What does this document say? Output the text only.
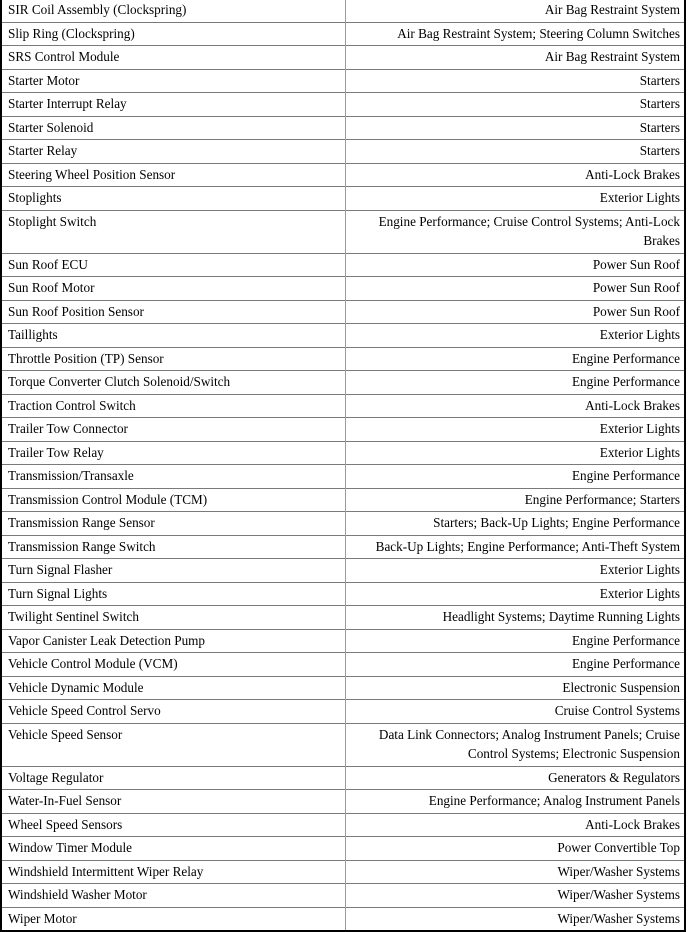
SIR Coil Assembly (Clockspring)	Air Bag Restraint System
Slip Ring (Clockspring)	Air Bag Restraint System; Steering Column Switches
SRS Control Module	Air Bag Restraint System
Starter Motor	Starters
Starter Interrupt Relay	Starters
Starter Solenoid	Starters
Starter Relay	Starters
Steering Wheel Position Sensor	Anti-Lock Brakes
Stoplights	Exterior Lights
Stoplight Switch	Engine Performance; Cruise Control Systems; Anti-Lock Brakes
Sun Roof ECU	Power Sun Roof
Sun Roof Motor	Power Sun Roof
Sun Roof Position Sensor	Power Sun Roof
Taillights	Exterior Lights
Throttle Position (TP) Sensor	Engine Performance
Torque Converter Clutch Solenoid/Switch	Engine Performance
Traction Control Switch	Anti-Lock Brakes
Trailer Tow Connector	Exterior Lights
Trailer Tow Relay	Exterior Lights
Transmission/Transaxle	Engine Performance
Transmission Control Module (TCM)	Engine Performance; Starters
Transmission Range Sensor	Starters; Back-Up Lights; Engine Performance
Transmission Range Switch	Back-Up Lights; Engine Performance; Anti-Theft System
Turn Signal Flasher	Exterior Lights
Turn Signal Lights	Exterior Lights
Twilight Sentinel Switch	Headlight Systems; Daytime Running Lights
Vapor Canister Leak Detection Pump	Engine Performance
Vehicle Control Module (VCM)	Engine Performance
Vehicle Dynamic Module	Electronic Suspension
Vehicle Speed Control Servo	Cruise Control Systems
Vehicle Speed Sensor	Data Link Connectors; Analog Instrument Panels; Cruise Control Systems; Electronic Suspension
Voltage Regulator	Generators & Regulators
Water-In-Fuel Sensor	Engine Performance; Analog Instrument Panels
Wheel Speed Sensors	Anti-Lock Brakes
Window Timer Module	Power Convertible Top
Windshield Intermittent Wiper Relay	Wiper/Washer Systems
Windshield Washer Motor	Wiper/Washer Systems
Wiper Motor	Wiper/Washer Systems
